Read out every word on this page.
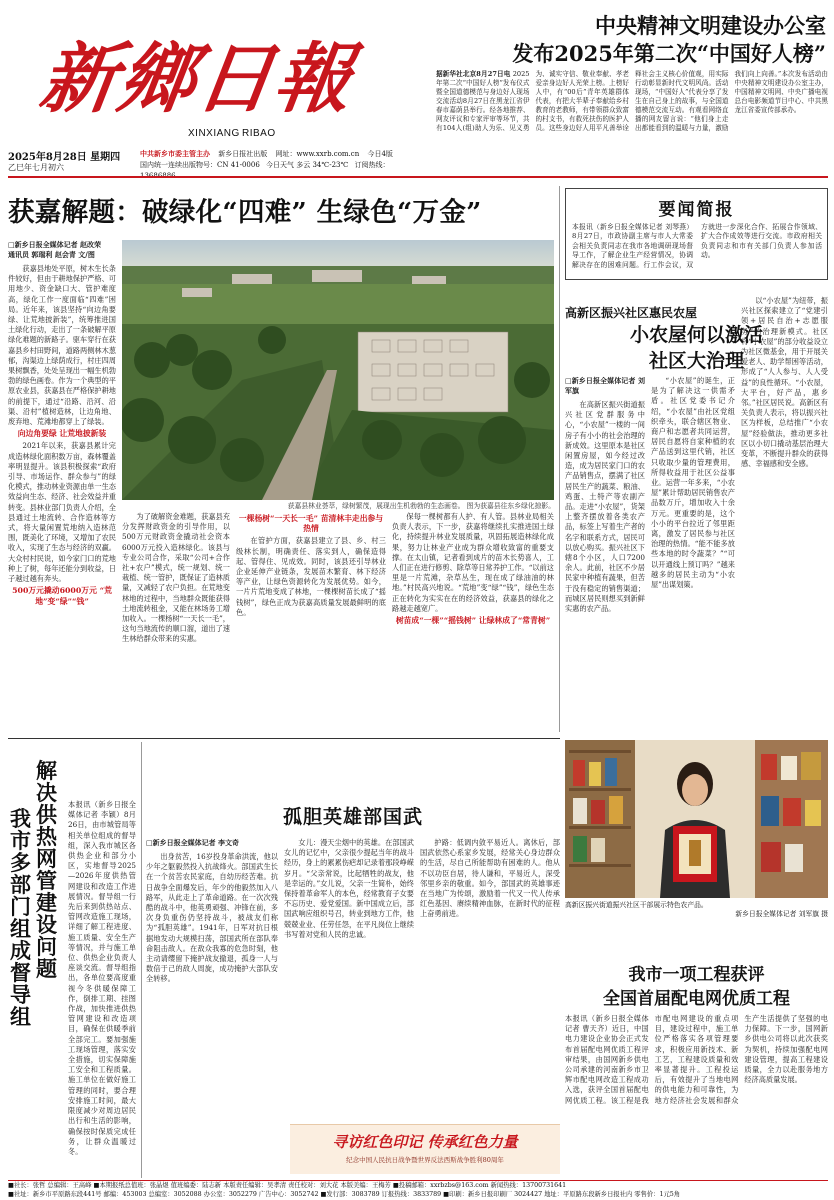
新鄉日報
XINXIANG RIBAO
2025年8月28日 星期四
乙巳年七月初六
中共新乡市委主管主办 新乡日报社出版 网址：www.xxrb.com.cn 今日4版
国内统一连续出版物号：CN 41-0006 今日天气 多云 34℃-23℃ 订阅热线：
中央精神文明建设办公室
发布2025年第二次“中国好人榜”
据新华社北京8月27日电 2025年第二次“中国好人榜”发布仪式暨全国道德模范与身边好人现场交流活动8月27日在黑龙江省伊春市嘉荫县举行。经各地推荐、网友评议和专家评审等环节，共有104人(组)助人为乐、见义勇为、诚实守信、敬业奉献、孝老爱亲身边好人光荣上榜。上榜好人中，有“00后”青年英雄群体代表，有把大半辈子奉献给乡村教育的老教师，有带领群众致富的村支书，有救死扶伤的医护人员。这些身边好人用平凡善举诠释社会主义核心价值观，用实际行动彰显新时代文明风尚。活动现场，“中国好人”代表分享了发生在自己身上的故事，与全国道德模范交流互动。有观看网络直播的网友留言说：“他们身上走出都能看到的温暖与力量，激励我们向上向善。”本次发布活动由中央精神文明建设办公室主办，中国精神文明网、中央广播电视总台电影频道节目中心、中共黑龙江省委宣传部承办。
获嘉解题：破绿化“四难” 生绿色“万金”
□新乡日报全媒体记者 赵改荣
通讯员 郭瑞利 赵会青 文/图

获嘉县地处平原，树木生长条件较好，但由于耕地保护严格、可用地少、资金缺口大、管护难度高，绿化工作一度面临“四难”困局。近年来，该县坚持“向边角要绿、让荒地披新装”，统筹推进国土绿化行动，走出了一条破解平原绿化难题的新路子。驱车穿行在获嘉县乡村田野间，道路两侧林木葱郁，沟渠边上绿荫成行，村庄四周果树飘香，处处呈现出一幅生机勃勃的绿色画卷。作为一个典型的平原农业县，获嘉县在严格保护耕地的前提下，通过“沿路、沿河、沿渠、沿村”植树造林，让边角地、废弃地、荒滩地都穿上了绿装。

向边角要绿 让荒地披新装

2021年以来，获嘉县累计完成造林绿化面积数万亩，森林覆盖率明显提升。该县积极探索“政府引导、市场运作、群众参与”的绿化模式，推动林业资源由单一生态效益向生态、经济、社会效益并重转变。县林业部门负责人介绍，全县通过土地流转、合作造林等方式，将大量闲置荒地纳入造林范围，既美化了环境，又增加了农民收入，实现了生态与经济的双赢。大众村村民说，如今家门口的荒地种上了树，每年还能分到收益，日子越过越有奔头。

500万元撬动6000万元 “荒地”变“绿”“钱”
获嘉县林业荟萃，绿树繁茂，展现出生机勃勃的生态画卷。 图为获嘉县往东乡绿化掠影。

为了破解资金难题，获嘉县充分发挥财政资金的引导作用，以500万元财政资金撬动社会资本6000万元投入造林绿化。该县与专业公司合作，采取“公司+合作社+农户”模式，统一规划、统一栽植、统一管护，既保证了造林质量，又减轻了农户负担。在荒地变林地的过程中，当地群众既能获得土地流转租金，又能在林场务工增加收入。一棵杨树“一天长一毛”，这句当地流传的顺口溜，道出了速生林给群众带来的实惠。

一棵杨树“一天长一毛” 苗清林丰走出参与热情

在管护方面，获嘉县建立了县、乡、村三级林长制，明确责任、落实到人，确保造得起、管得住、见成效。同时，该县还引导林业企业延伸产业链条，发展苗木繁育、林下经济等产业，让绿色资源转化为发展优势。如今，一片片荒地变成了林地，一棵棵树苗长成了“摇钱树”，绿色正成为获嘉高质量发展最鲜明的底色。

保每一棵树都有人护、有人管。县林业局相关负责人表示，下一步，获嘉将继续扎实推进国土绿化，持续提升林业发展质量，巩固拓展造林绿化成果，努力让林业产业成为群众增收致富的重要支撑。在太山镇，记者看到成片的苗木长势喜人，工人们正在进行修剪、除草等日常养护工作。“以前这里是一片荒滩，杂草丛生，现在成了绿油油的林地。”村民高兴地说。“荒地”变“绿”“钱”，绿色生态正在转化为实实在在的经济效益，获嘉县的绿化之路越走越宽广。

树苗成“一棵”“摇钱树” 让绿林成了“常青树”
要闻简报
本报讯（新乡日报全媒体记者 刘琴燕）8月27日，市政协副主席与市人大常委会相关负责同志在我市各地调研现场督导工作，了解企业生产经营情况，协调解决存在的困难问题。行工作会议，双方就进一步深化合作、拓展合作领域、扩大合作成效等进行交流。市政府相关负责同志和市有关部门负责人参加活动。
高新区振兴社区惠民农屋
小农屋何以激活
社区大治理
□新乡日报全媒体记者 刘军旗

在高新区振兴街道振兴社区党群服务中心，“小农屋”一楼的一间房子有小小的社会治理的新成效。这里原本是社区闲置房屋，如今经过改造，成为居民家门口的农产品销售点，摆满了社区居民生产的蔬菜、粮油、鸡蛋、土特产等农副产品。走进“小农屋”，货架上整齐摆放着各类农产品，标签上写着生产者的名字和联系方式，居民可以放心购买。振兴社区下辖8个小区，人口7200余人。此前，社区不少居民家中种植有蔬果，但苦于没有稳定的销售渠道；而城区居民则想买到新鲜实惠的农产品。

“小农屋”的诞生，正是为了解决这一供需矛盾。社区党委书记介绍，“小农屋”由社区党组织牵头，联合辖区物业、商户和志愿者共同运营，居民自愿将自家种植的农产品送到这里代销，社区只收取少量的管理费用，所得收益用于社区公益事业。运营一年多来，“小农屋”累计帮助居民销售农产品数万斤，增加收入十余万元。更重要的是，这个小小的平台拉近了邻里距离，激发了居民参与社区治理的热情。“能不能多放些本地的时令蔬菜？”“可以开通线上预订吗？”越来越多的居民主动为“小农屋”出谋划策。

以“小农屋”为纽带，振兴社区探索建立了“党建引领+居民自治+志愿服务”的治理新模式。社区将“小农屋”的部分收益设立为社区微基金，用于开展关爱老人、助学帮困等活动，形成了“人人参与、人人受益”的良性循环。“小农屋，大平台，好产品，惠乡邻。”社区居民说。高新区有关负责人表示，将以振兴社区为样板，总结推广“小农屋”经验做法，推动更多社区以小切口撬动基层治理大变革，不断提升群众的获得感、幸福感和安全感。

高新区振兴街道振兴社区干部展示特色农产品。
新乡日报全媒体记者 刘军旗 摄
我
市
多
部
门
组
成
督
导
组
解
决
供
热
网
管
建
设
问
题
本报讯（新乡日报全媒体记者 李颖）8月26日，由市城管局等相关单位组成的督导组，深入我市城区各供热企业和部分小区，实地督导2025—2026年度供热管网建设和改造工作进展情况。督导组一行先后来到供热站点、管网改造施工现场，详细了解工程进度、施工质量、安全生产等情况，并与施工单位、供热企业负责人座谈交流。督导组指出，各单位要高度重视今冬供暖保障工作，倒排工期、挂图作战，加快推进供热管网建设和改造项目，确保在供暖季前全部完工。要加强施工现场管理，落实安全措施，切实保障施工安全和工程质量。施工单位在做好施工管理的同时，要合理安排施工时间，最大限度减少对周边居民出行和生活的影响，确保按时保质完成任务，让群众温暖过冬。
孤胆英雄部国武
□新乡日报全媒体记者 李文奇

出身贫苦，16岁投身革命洪流，他以少年之躯毅然投入抗战烽火。部国武生长在一个贫苦农民家庭，自幼历经苦难。抗日战争全面爆发后，年少的他毅然加入八路军，从此走上了革命道路。在一次次残酷的战斗中，他英勇顽强、冲锋在前，多次身负重伤仍坚持战斗，被战友们称为“孤胆英雄”。1941年，日军对抗日根据地发动大规模扫荡，部国武所在部队奉命阻击敌人。在敌众我寡的危急时刻，他主动请缨留下掩护战友撤退，孤身一人与数倍于己的敌人周旋，成功掩护大部队安全转移。

女儿：漫天尘烟中的英雄。在部国武女儿的记忆中，父亲很少提起当年的战斗经历，身上的累累伤疤却记录着那段峥嵘岁月。“父亲常说，比起牺牲的战友，他是幸运的。”女儿说，父亲一生简朴，始终保持着革命军人的本色，经常教育子女要不忘历史、爱党爱国。新中国成立后，部国武响应组织号召，转业到地方工作，他兢兢业业、任劳任怨，在平凡岗位上继续书写着对党和人民的忠诚。

护路：低调内敛平易近人。离休后，部国武依然心系家乡发展，经常关心身边群众的生活，尽自己所能帮助有困难的人。他从不以功臣自居，待人谦和，平易近人，深受邻里乡亲的敬重。如今，部国武的英雄事迹在当地广为传颂，激励着一代又一代人传承红色基因、赓续精神血脉，在新时代的征程上奋勇前进。

寻访红色印记 传承红色力量
纪念中国人民抗日战争暨世界反法西斯战争胜利80周年
我市一项工程获评
全国首届配电网优质工程
本报讯（新乡日报全媒体记者 曹天齐）近日，中国电力建设企业协会正式发布首届配电网优质工程评审结果，由国网新乡供电公司承建的河南新乡市卫辉市配电网改造工程成功入选，获评全国首届配电网优质工程。该工程是我市配电网建设的重点项目，建设过程中，施工单位严格落实各项管理要求，积极应用新技术、新工艺，工程建设质量和效率显著提升。工程投运后，有效提升了当地电网的供电能力和可靠性，为地方经济社会发展和群众生产生活提供了坚强的电力保障。下一步，国网新乡供电公司将以此次获奖为契机，持续加强配电网建设管理，提高工程建设质量，全力以赴服务地方经济高质量发展。
■社长：张哲 总编辑：王高峰 ■本期报纸总值班：张晶煜 值班编委：陆志新 本版责任编辑：吴孝清 责任校对：刘大花 本版美编：王梅芳 ■投稿邮箱：xxrbzbs@163.com 新闻热线：13700731641
■社址：新乡市平原路东段441号 邮编：453003 总编室：3052088 办公室：3052279 广告中心：3052742 ■发行部：3083789 订报热线：3833789 ■印刷：新乡日报印刷厂 3024427 地址：平原路东段新乡日报社内 零售价：1元5角
